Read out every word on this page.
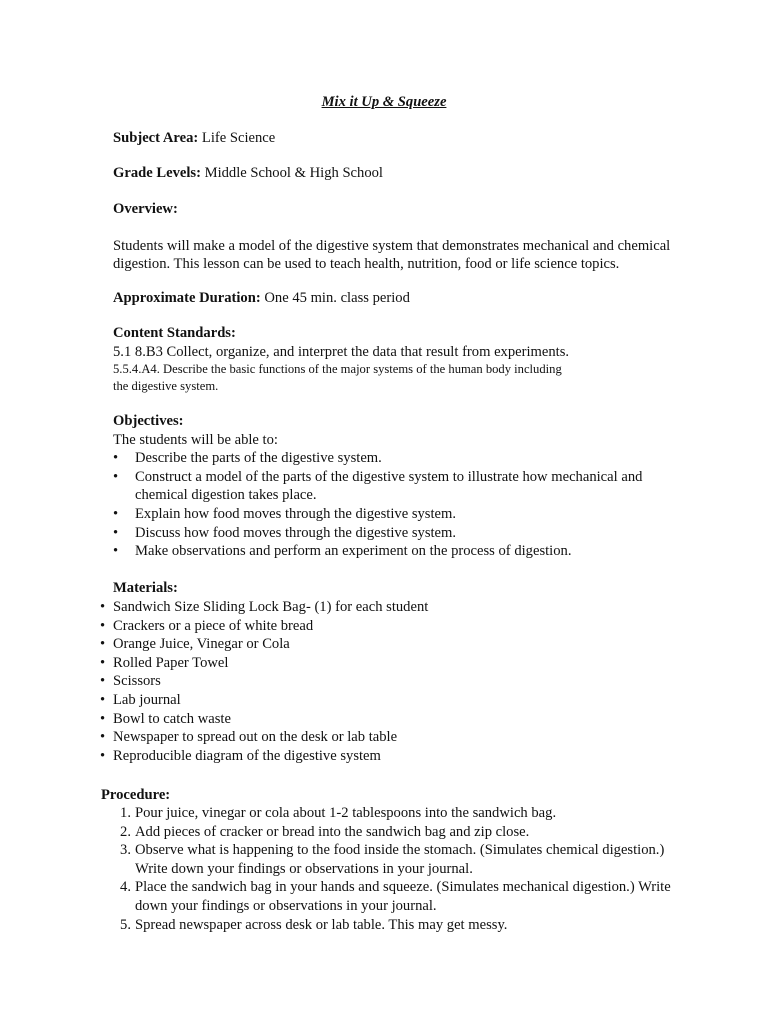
Mix it Up & Squeeze
Subject Area: Life Science
Grade Levels: Middle School & High School
Overview:
Students will make a model of the digestive system that demonstrates mechanical and chemical
digestion. This lesson can be used to teach health, nutrition, food or life science topics.
Approximate Duration: One 45 min. class period
Content Standards:
5.1 8.B3 Collect, organize, and interpret the data that result from experiments.
5.5.4.A4. Describe the basic functions of the major systems of the human body including
the digestive system.
Objectives:
The students will be able to:
• Describe the parts of the digestive system.
• Construct a model of the parts of the digestive system to illustrate how mechanical and
chemical digestion takes place.
• Explain how food moves through the digestive system.
• Discuss how food moves through the digestive system.
• Make observations and perform an experiment on the process of digestion.
Materials:
• Sandwich Size Sliding Lock Bag- (1) for each student
• Crackers or a piece of white bread
• Orange Juice, Vinegar or Cola
• Rolled Paper Towel
• Scissors
• Lab journal
• Bowl to catch waste
• Newspaper to spread out on the desk or lab table
• Reproducible diagram of the digestive system
Procedure:
1. Pour juice, vinegar or cola about 1-2 tablespoons into the sandwich bag.
2. Add pieces of cracker or bread into the sandwich bag and zip close.
3. Observe what is happening to the food inside the stomach. (Simulates chemical digestion.)
Write down your findings or observations in your journal.
4. Place the sandwich bag in your hands and squeeze. (Simulates mechanical digestion.) Write
down your findings or observations in your journal.
5. Spread newspaper across desk or lab table. This may get messy.
